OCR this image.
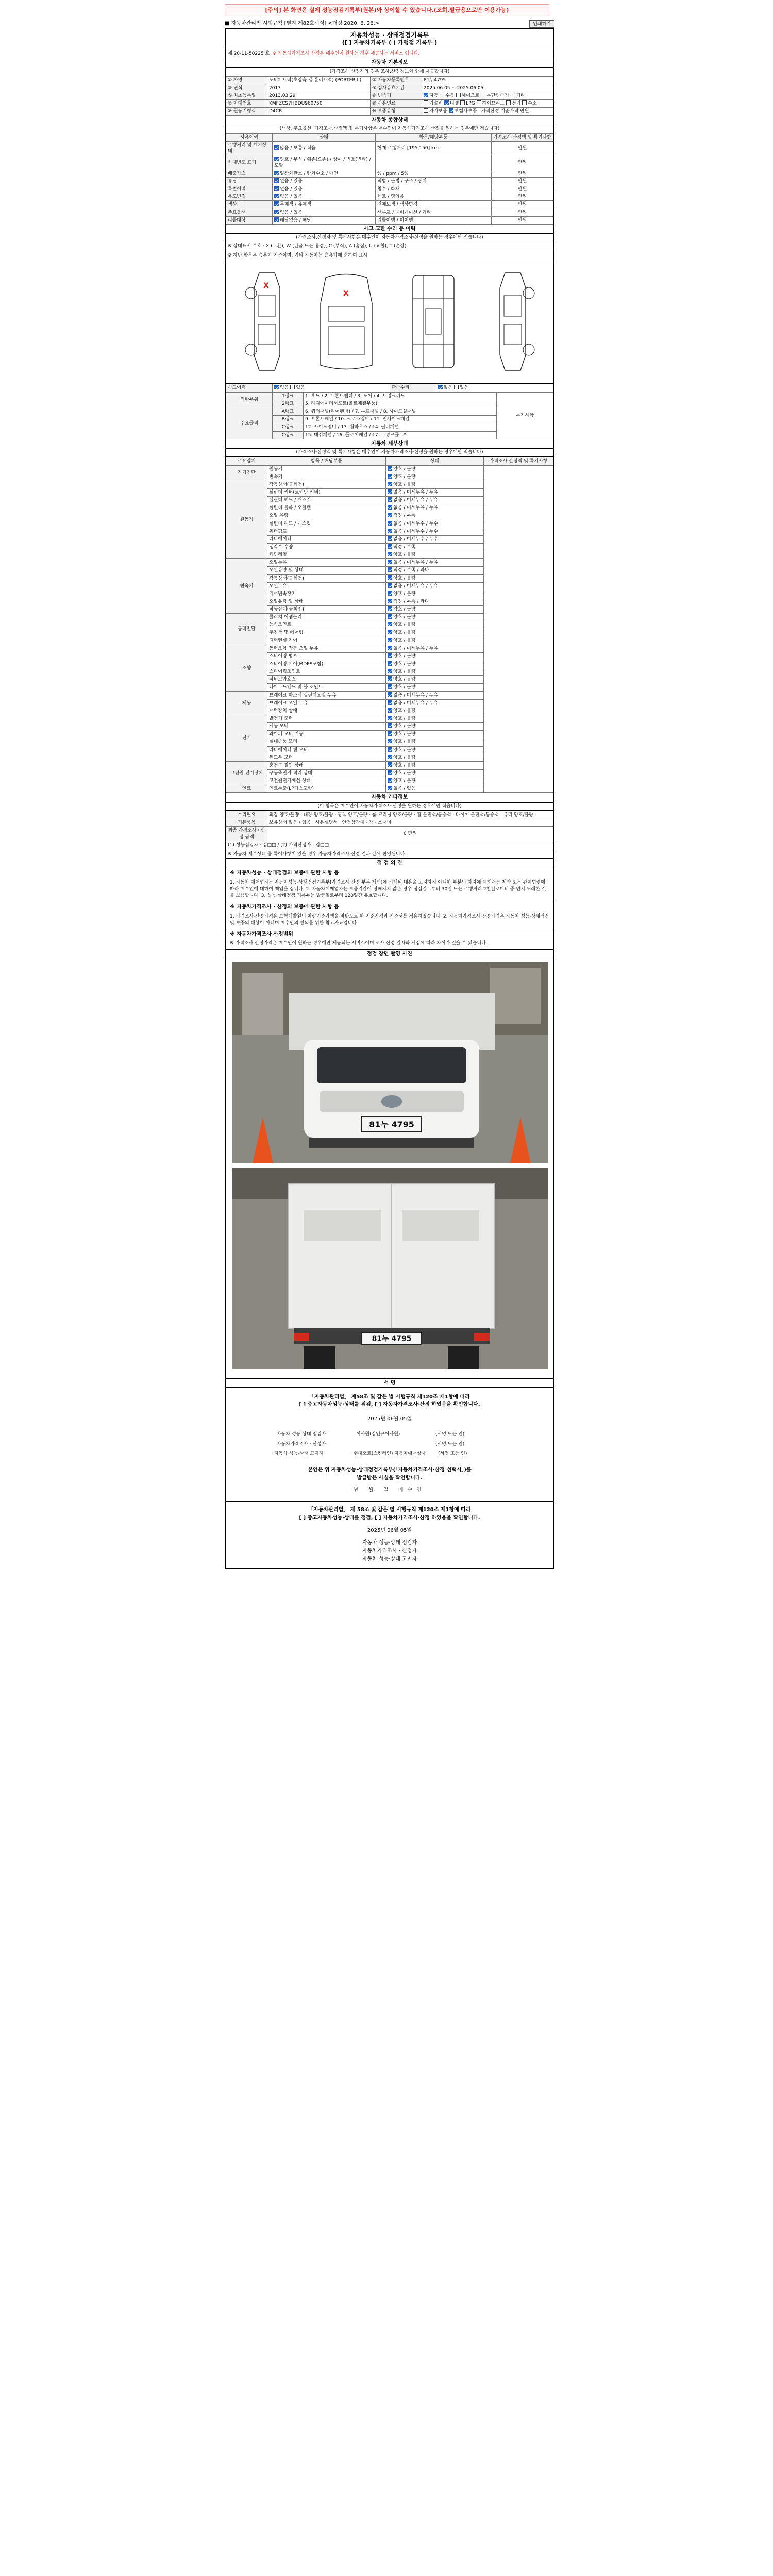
[주의] 본 화면은 실제 성능점검기록부(원본)와 상이할 수 있습니다.(조회,발급용으로만 이용가능)
■ 자동차관리법 시행규칙 [별지 제82호서식] <개정 2020. 6. 26.>	인쇄하기
자동차성능 · 상태점검기록부
([ ] 자동차기록부 ( ) 가맹점 기록부 )
제 20-11-50225 호 ※ 자동차가격조사·산정은 매수인이 원하는 경우 제공하는 서비스 입니다.
자동차 기본정보
(가격조사,산정자의 경우 조사,산정정보와 함께 제공합니다)
① 차명	포터2 트럭(초장축 캡 홀러트럭) (PORTER II)	② 자동차등록번호	81누4795
③ 연식	2013	④ 검사유효기간	2025.06.05 ~ 2025.06.05
⑤ 최초등록일	2013.03.29	⑥ 변속기	자동 수동 세미오토 무단변속기 기타
⑦ 차대번호	KMFZCS7HBDU960750	⑧ 사용연료	가솔린 디젤 LPG 하이브리드 전기 수소
⑨ 원동기형식	D4CB	⑩ 보증유형	자가보증 보험사보증 가격산정 기준가격 만원
자동차 종합상태
(색상, 주요옵션, 가격조사,산정액 및 특기사항은 매수인이 자동차가격조사·산정을 원하는 경우에만 적습니다)
사용이력	상태	항목/해당부품	가격조사·산정액 및 특기사항
주행거리 및 계기상태	많음 / 보통 / 적음	현재 주행거리 [195,150] km	만원
차대번호 표기	양호 / 부식 / 훼손(오손) / 상이 / 변조(변타) / 도말		만원
배출가스	일산화탄소 / 탄화수소 / 매연	% / ppm / 5%	만원
튜닝	없음 / 있음	적법 / 불법 / 구조 / 장치	만원
특별이력	없음 / 있음	침수 / 화재	만원
용도변경	없음 / 있음	렌트 / 영업용	만원
색상	무채색 / 유채색	전체도색 / 색상변경	만원
주요옵션	없음 / 있음	선루프 / 내비게이션 / 기타	만원
리콜대상	해당없음 / 해당	리콜이행 / 미이행	만원
사고 교환 수리 등 이력
(가격조사,산정자 및 특기사항은 매수인이 자동차가격조사·산정을 원하는 경우에만 적습니다)
※ 상태표시 부호 : X (교환), W (판금 또는 용접), C (부식), A (흠집), U (요철), T (손상)
※ 하단 항목은 승용차 기준이며, 기타 자동차는 승용차에 준하여 표시
X
X
사고이력	없음 있음	단순수리	없음 있음
외판부위	1랭크	1. 후드 / 2. 프론트펜더 / 3. 도어 / 4. 트렁크리드	특기사항
	2랭크	5. 라디에이터서포트(볼트체결부품)	
주요골격	A랭크	6. 쿼터패널(리어펜더) / 7. 루프패널 / 8. 사이드실패널	
	B랭크	9. 프론트패널 / 10. 크로스멤버 / 11. 인사이드패널	
	C랭크	12. 사이드멤버 / 13. 휠하우스 / 14. 필러패널	
	C랭크	15. 대쉬패널 / 16. 플로어패널 / 17. 트렁크플로어	
자동차 세부상태
(가격조사·산정액 및 특기사항은 매수인이 자동차가격조사·산정을 원하는 경우에만 적습니다)
주요장치	항목 / 해당부품	상태	가격조사·산정액 및 특기사항
자기진단	원동기	양호 / 불량	
	변속기	양호 / 불량	
원동기	작동상태(공회전)	양호 / 불량	
	실린더 커버(로커암 커버)	없음 / 미세누유 / 누유	
	실린더 헤드 / 개스킷	없음 / 미세누유 / 누유	
	실린더 블록 / 오일팬	없음 / 미세누유 / 누유	
	오일 유량	적정 / 부족	
	실린더 헤드 / 개스킷	없음 / 미세누수 / 누수	
	워터펌프	없음 / 미세누수 / 누수	
	라디에이터	없음 / 미세누수 / 누수	
	냉각수 수량	적정 / 부족	
	커먼레일	양호 / 불량	
변속기	오일누유	없음 / 미세누유 / 누유	
	오일유량 및 상태	적정 / 부족 / 과다	
	작동상태(공회전)	양호 / 불량	
	오일누유	없음 / 미세누유 / 누유	
	기어변속장치	양호 / 불량	
	오일유량 및 상태	적정 / 부족 / 과다	
	작동상태(공회전)	양호 / 불량	
동력전달	클러치 어셈블리	양호 / 불량	
	등속조인트	양호 / 불량	
	추진축 및 베어링	양호 / 불량	
	디퍼렌셜 기어	양호 / 불량	
조향	동력조향 작동 오일 누유	없음 / 미세누유 / 누유	
	스티어링 펌프	양호 / 불량	
	스티어링 기어(MDPS포함)	양호 / 불량	
	스티어링조인트	양호 / 불량	
	파워고압호스	양호 / 불량	
	타이로드엔드 및 볼 조인트	양호 / 불량	
제동	브레이크 마스터 실린더오일 누유	없음 / 미세누유 / 누유	
	브레이크 오일 누유	없음 / 미세누유 / 누유	
	배력장치 상태	양호 / 불량	
전기	발전기 출력	양호 / 불량	
	시동 모터	양호 / 불량	
	와이퍼 모터 기능	양호 / 불량	
	실내송풍 모터	양호 / 불량	
	라디에이터 팬 모터	양호 / 불량	
	윈도우 모터	양호 / 불량	
고전원 전기장치	충전구 절연 상태	양호 / 불량	
	구동축전지 격리 상태	양호 / 불량	
	고전원전기배선 상태	양호 / 불량	
연료	연료누출(LP가스포함)	없음 / 있음	
자동차 기타정보
(이 항목은 매수인이 자동차가격조사·산정을 원하는 경우에만 적습니다)
수리필요	외장 양호/불량 · 내장 양호/불량 · 광택 양호/불량 · 룸 크리닝 양호/불량 · 휠 운전석/동승석 · 타이어 운전석/동승석 · 유리 양호/불량
기본품목	보유상태 없음 / 있음 · 사용설명서 · 안전삼각대 · 잭 · 스패너
최종 가격조사 · 산정 금액	0 만원
(1) 성능점검자 : 김□□ / (2) 가격산정자 : 김□□
※ 자동차 세부상태 중 특이사항이 있을 경우 자동차가격조사·산정 결과 값에 반영됩니다.
점 검 의 견
※ 자동차성능 · 상태점검의 보증에 관한 사항 등
1. 자동차 매매업자는 자동차성능·상태점검기록부(가격조사·산정 부분 제외)에 기재된 내용을 고지하지 아니한 부분의 하자에 대해서는 계약 또는 관계법령에 따라 매수인에 대하여 책임을 집니다. 2. 자동차매매업자는 보증기간이 정해지지 않은 경우 점검일로부터 30일 또는 주행거리 2천킬로미터 중 먼저 도래한 것을 보증합니다. 3. 성능·상태점검 기록부는 발급일로부터 120일간 유효합니다.
※ 자동차가격조사 · 산정의 보증에 관한 사항 등
1. 가격조사·산정가격은 보험개발원의 차량기준가액을 바탕으로 한 기준가격과 기준서를 적용하였습니다. 2. 자동차가격조사·산정가격은 자동차 성능·상태점검 및 보증의 대상이 아니며 매수인의 편의를 위한 참고자료입니다.
※ 자동차가격조사 산정범위
※ 가격조사·산정가격은 매수인이 원하는 경우에만 제공되는 서비스이며 조사·산정 일자와 시점에 따라 차이가 있을 수 있습니다.
점검 장면 촬영 사진
81누 4795

81누 4795
서 명
「자동차관리법」 제58조 및 같은 법 시행규칙 제120조 제1항에 따라
[ ] 중고자동차성능·상태를 점검, [ ] 자동차가격조사·산정 하였음을 확인합니다.
2025년 06월 05일
자동차 성능·상태 점검자	이사원(김인규이사원)	(서명 또는 인)
자동차가격조사 · 산정자	(서명 또는 인)
자동차 성능·상태 고지자	현대오토(스킨레인) 자동차매매상사	(서명 또는 인)
본인은 위 자동차성능·상태점검기록부(「자동차가격조사·산정 선택시」)를
발급받은 사실을 확인합니다.
년 월 일 매수인
「자동차관리법」 제 58조 및 같은 법 시행규칙 제120조 제1항에 따라
[ ] 중고자동차성능·상태를 점검, [ ] 자동차가격조사·산정 하였음을 확인합니다.
2025년 06월 05일
자동차 성능·상태 점검자
자동차가격조사 · 산정자
자동차 성능·상태 고지자
